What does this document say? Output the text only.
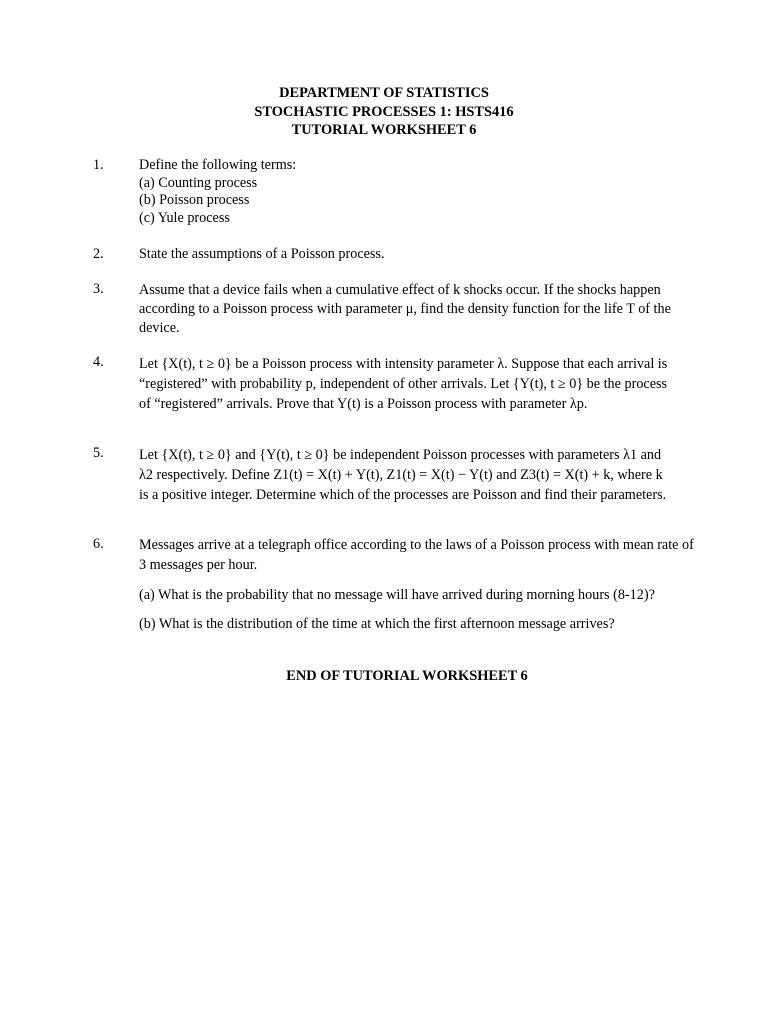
DEPARTMENT OF STATISTICS
STOCHASTIC PROCESSES 1: HSTS416
TUTORIAL WORKSHEET 6
1. Define the following terms:
(a) Counting process
(b) Poisson process
(c) Yule process
2. State the assumptions of a Poisson process.
3. Assume that a device fails when a cumulative effect of k shocks occur. If the shocks happen according to a Poisson process with parameter μ, find the density function for the life T of the device.
4. Let {X(t), t ≥ 0} be a Poisson process with intensity parameter λ. Suppose that each arrival is “registered” with probability p, independent of other arrivals. Let {Y(t), t ≥ 0} be the process of “registered” arrivals. Prove that Y(t) is a Poisson process with parameter λp.
5. Let {X(t), t ≥ 0} and {Y(t), t ≥ 0} be independent Poisson processes with parameters λ1 and λ2 respectively. Define Z1(t) = X(t) + Y(t), Z1(t) = X(t) − Y(t) and Z3(t) = X(t) + k, where k is a positive integer. Determine which of the processes are Poisson and find their parameters.
6. Messages arrive at a telegraph office according to the laws of a Poisson process with mean rate of 3 messages per hour.
(a) What is the probability that no message will have arrived during morning hours (8-12)?
(b) What is the distribution of the time at which the first afternoon message arrives?
END OF TUTORIAL WORKSHEET 6
